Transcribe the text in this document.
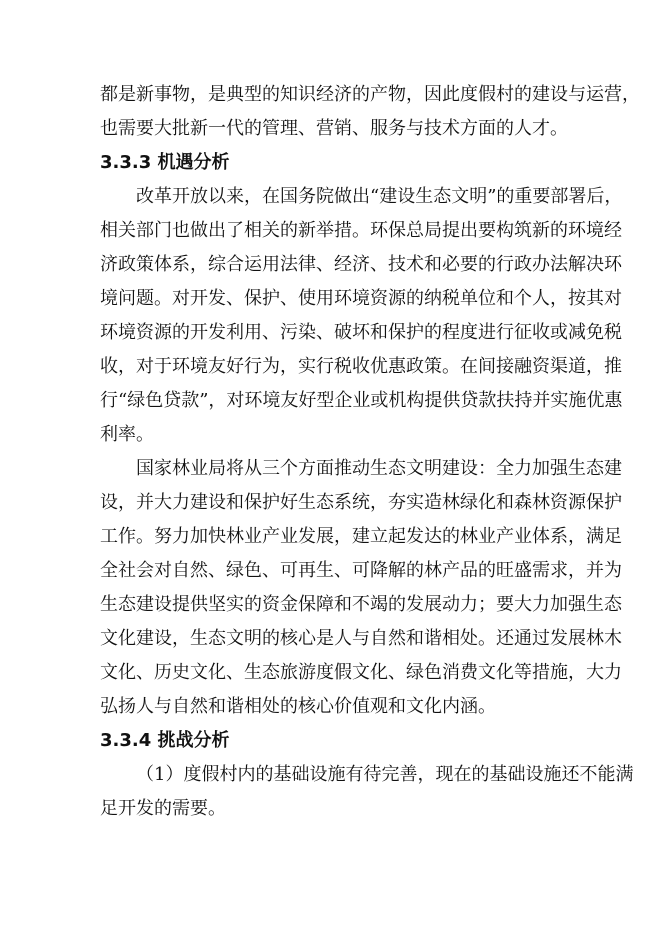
都是新事物，是典型的知识经济的产物，因此度假村的建设与运营，
也需要大批新一代的管理、营销、服务与技术方面的人才。
3.3.3 机遇分析
改革开放以来，在国务院做出“建设生态文明”的重要部署后，
相关部门也做出了相关的新举措。环保总局提出要构筑新的环境经
济政策体系，综合运用法律、经济、技术和必要的行政办法解决环
境问题。对开发、保护、使用环境资源的纳税单位和个人，按其对
环境资源的开发利用、污染、破坏和保护的程度进行征收或减免税
收，对于环境友好行为，实行税收优惠政策。在间接融资渠道，推
行“绿色贷款”，对环境友好型企业或机构提供贷款扶持并实施优惠
利率。
国家林业局将从三个方面推动生态文明建设：全力加强生态建
设，并大力建设和保护好生态系统，夯实造林绿化和森林资源保护
工作。努力加快林业产业发展，建立起发达的林业产业体系，满足
全社会对自然、绿色、可再生、可降解的林产品的旺盛需求，并为
生态建设提供坚实的资金保障和不竭的发展动力；要大力加强生态
文化建设，生态文明的核心是人与自然和谐相处。还通过发展林木
文化、历史文化、生态旅游度假文化、绿色消费文化等措施，大力
弘扬人与自然和谐相处的核心价值观和文化内涵。
3.3.4 挑战分析
（1）度假村内的基础设施有待完善，现在的基础设施还不能满
足开发的需要。
